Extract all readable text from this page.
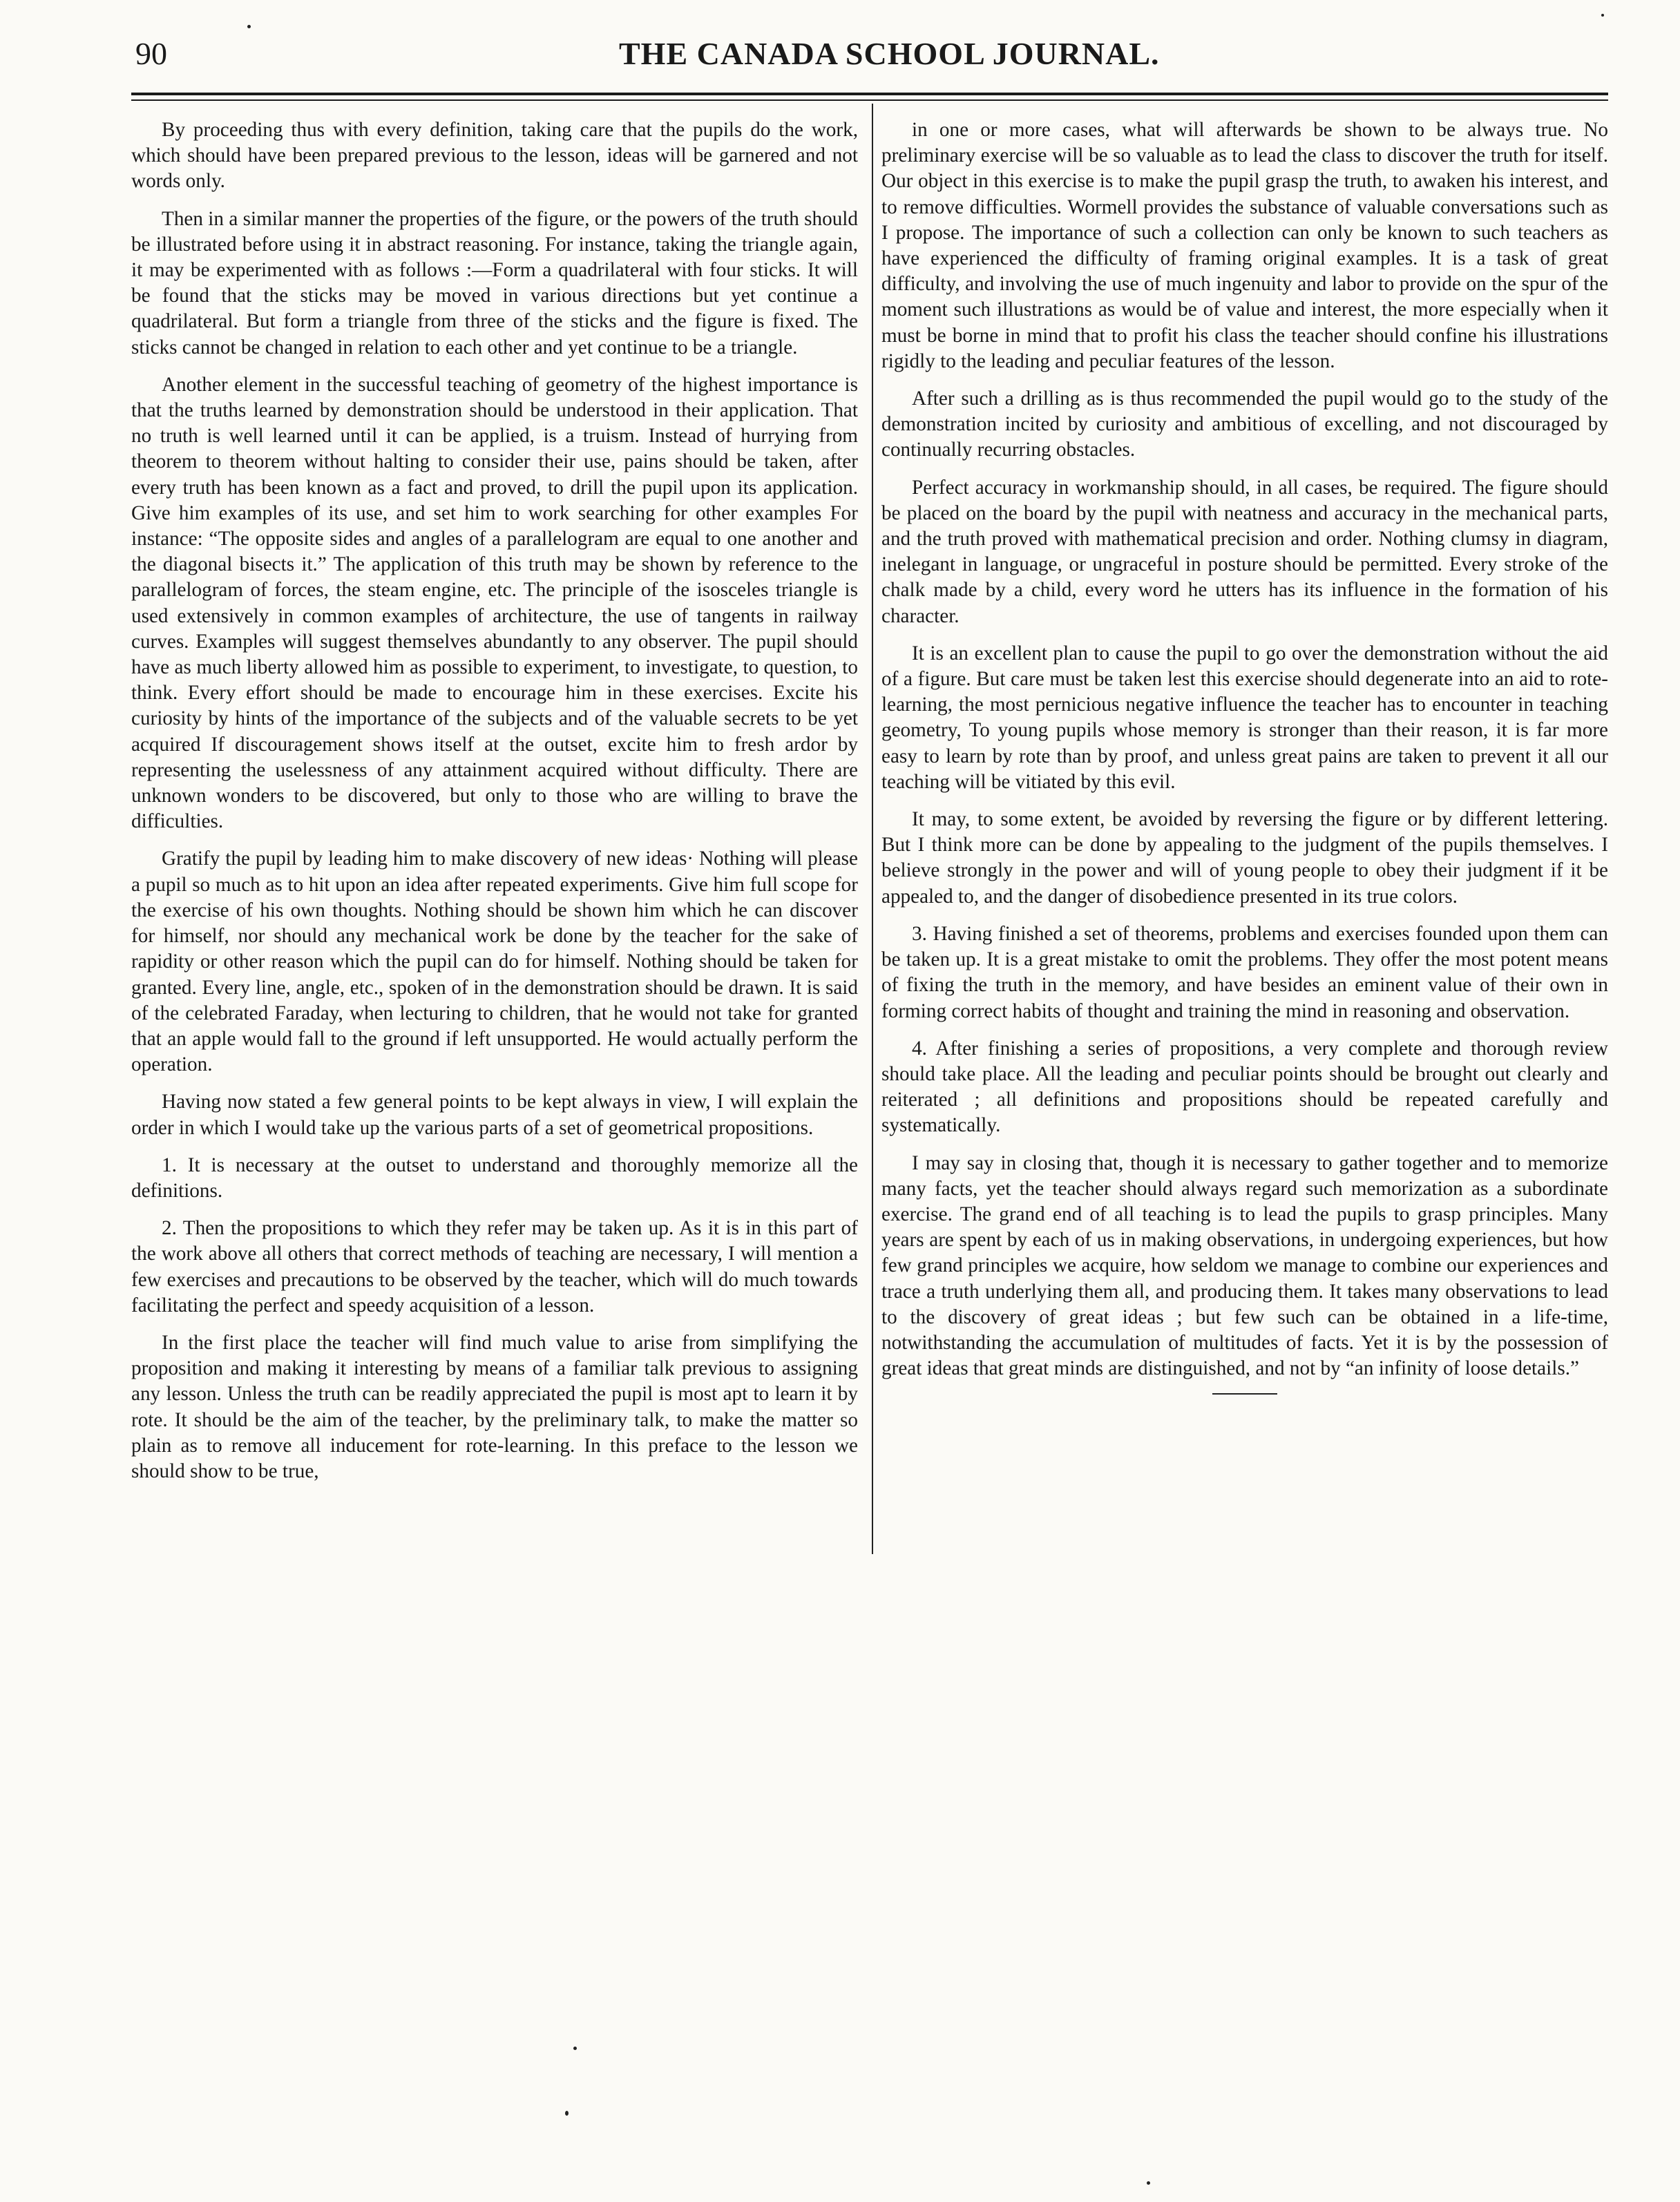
90	THE CANADA SCHOOL JOURNAL.

By proceeding thus with every definition, taking care that the pupils do the work, which should have been prepared previous to the lesson, ideas will be garnered and not words only.

Then in a similar manner the properties of the figure, or the powers of the truth should be illustrated before using it in abstract reasoning. For instance, taking the triangle again, it may be experimented with as follows :—Form a quadrilateral with four sticks. It will be found that the sticks may be moved in various directions but yet continue a quadrilateral. But form a triangle from three of the sticks and the figure is fixed. The sticks cannot be changed in relation to each other and yet continue to be a triangle.

Another element in the successful teaching of geometry of the highest importance is that the truths learned by demonstration should be understood in their application. That no truth is well learned until it can be applied, is a truism. Instead of hurrying from theorem to theorem without halting to consider their use, pains should be taken, after every truth has been known as a fact and proved, to drill the pupil upon its application. Give him examples of its use, and set him to work searching for other examples For instance: “The opposite sides and angles of a parallelogram are equal to one another and the diagonal bisects it.” The application of this truth may be shown by reference to the parallelogram of forces, the steam engine, etc. The principle of the isosceles triangle is used extensively in common examples of architecture, the use of tangents in railway curves. Examples will suggest themselves abundantly to any observer. The pupil should have as much liberty allowed him as possible to experiment, to investigate, to question, to think. Every effort should be made to encourage him in these exercises. Excite his curiosity by hints of the importance of the subjects and of the valuable secrets to be yet acquired If discouragement shows itself at the outset, excite him to fresh ardor by representing the uselessness of any attainment acquired without difficulty. There are unknown wonders to be discovered, but only to those who are willing to brave the difficulties.

Gratify the pupil by leading him to make discovery of new ideas· Nothing will please a pupil so much as to hit upon an idea after repeated experiments. Give him full scope for the exercise of his own thoughts. Nothing should be shown him which he can discover for himself, nor should any mechanical work be done by the teacher for the sake of rapidity or other reason which the pupil can do for himself. Nothing should be taken for granted. Every line, angle, etc., spoken of in the demonstration should be drawn. It is said of the celebrated Faraday, when lecturing to children, that he would not take for granted that an apple would fall to the ground if left unsupported. He would actually perform the operation.

Having now stated a few general points to be kept always in view, I will explain the order in which I would take up the various parts of a set of geometrical propositions.

1. It is necessary at the outset to understand and thoroughly memorize all the definitions.

2. Then the propositions to which they refer may be taken up. As it is in this part of the work above all others that correct methods of teaching are necessary, I will mention a few exercises and precautions to be observed by the teacher, which will do much towards facilitating the perfect and speedy acquisition of a lesson.

In the first place the teacher will find much value to arise from simplifying the proposition and making it interesting by means of a familiar talk previous to assigning any lesson. Unless the truth can be readily appreciated the pupil is most apt to learn it by rote. It should be the aim of the teacher, by the preliminary talk, to make the matter so plain as to remove all inducement for rote-learning. In this preface to the lesson we should show to be true,

in one or more cases, what will afterwards be shown to be always true. No preliminary exercise will be so valuable as to lead the class to discover the truth for itself. Our object in this exercise is to make the pupil grasp the truth, to awaken his interest, and to remove difficulties. Wormell provides the substance of valuable conversations such as I propose. The importance of such a collection can only be known to such teachers as have experienced the difficulty of framing original examples. It is a task of great difficulty, and involving the use of much ingenuity and labor to provide on the spur of the moment such illustrations as would be of value and interest, the more especially when it must be borne in mind that to profit his class the teacher should confine his illustrations rigidly to the leading and peculiar features of the lesson.

After such a drilling as is thus recommended the pupil would go to the study of the demonstration incited by curiosity and ambitious of excelling, and not discouraged by continually recurring obstacles.

Perfect accuracy in workmanship should, in all cases, be required. The figure should be placed on the board by the pupil with neatness and accuracy in the mechanical parts, and the truth proved with mathematical precision and order. Nothing clumsy in diagram, inelegant in language, or ungraceful in posture should be permitted. Every stroke of the chalk made by a child, every word he utters has its influence in the formation of his character.

It is an excellent plan to cause the pupil to go over the demonstration without the aid of a figure. But care must be taken lest this exercise should degenerate into an aid to rote-learning, the most pernicious negative influence the teacher has to encounter in teaching geometry, To young pupils whose memory is stronger than their reason, it is far more easy to learn by rote than by proof, and unless great pains are taken to prevent it all our teaching will be vitiated by this evil.

It may, to some extent, be avoided by reversing the figure or by different lettering. But I think more can be done by appealing to the judgment of the pupils themselves. I believe strongly in the power and will of young people to obey their judgment if it be appealed to, and the danger of disobedience presented in its true colors.

3. Having finished a set of theorems, problems and exercises founded upon them can be taken up. It is a great mistake to omit the problems. They offer the most potent means of fixing the truth in the memory, and have besides an eminent value of their own in forming correct habits of thought and training the mind in reasoning and observation.

4. After finishing a series of propositions, a very complete and thorough review should take place. All the leading and peculiar points should be brought out clearly and reiterated ; all definitions and propositions should be repeated carefully and systematically.

I may say in closing that, though it is necessary to gather together and to memorize many facts, yet the teacher should always regard such memorization as a subordinate exercise. The grand end of all teaching is to lead the pupils to grasp principles. Many years are spent by each of us in making observations, in undergoing experiences, but how few grand principles we acquire, how seldom we manage to combine our experiences and trace a truth underlying them all, and producing them. It takes many observations to lead to the discovery of great ideas ; but few such can be obtained in a life-time, notwithstanding the accumulation of multitudes of facts. Yet it is by the possession of great ideas that great minds are distinguished, and not by “an infinity of loose details.”
